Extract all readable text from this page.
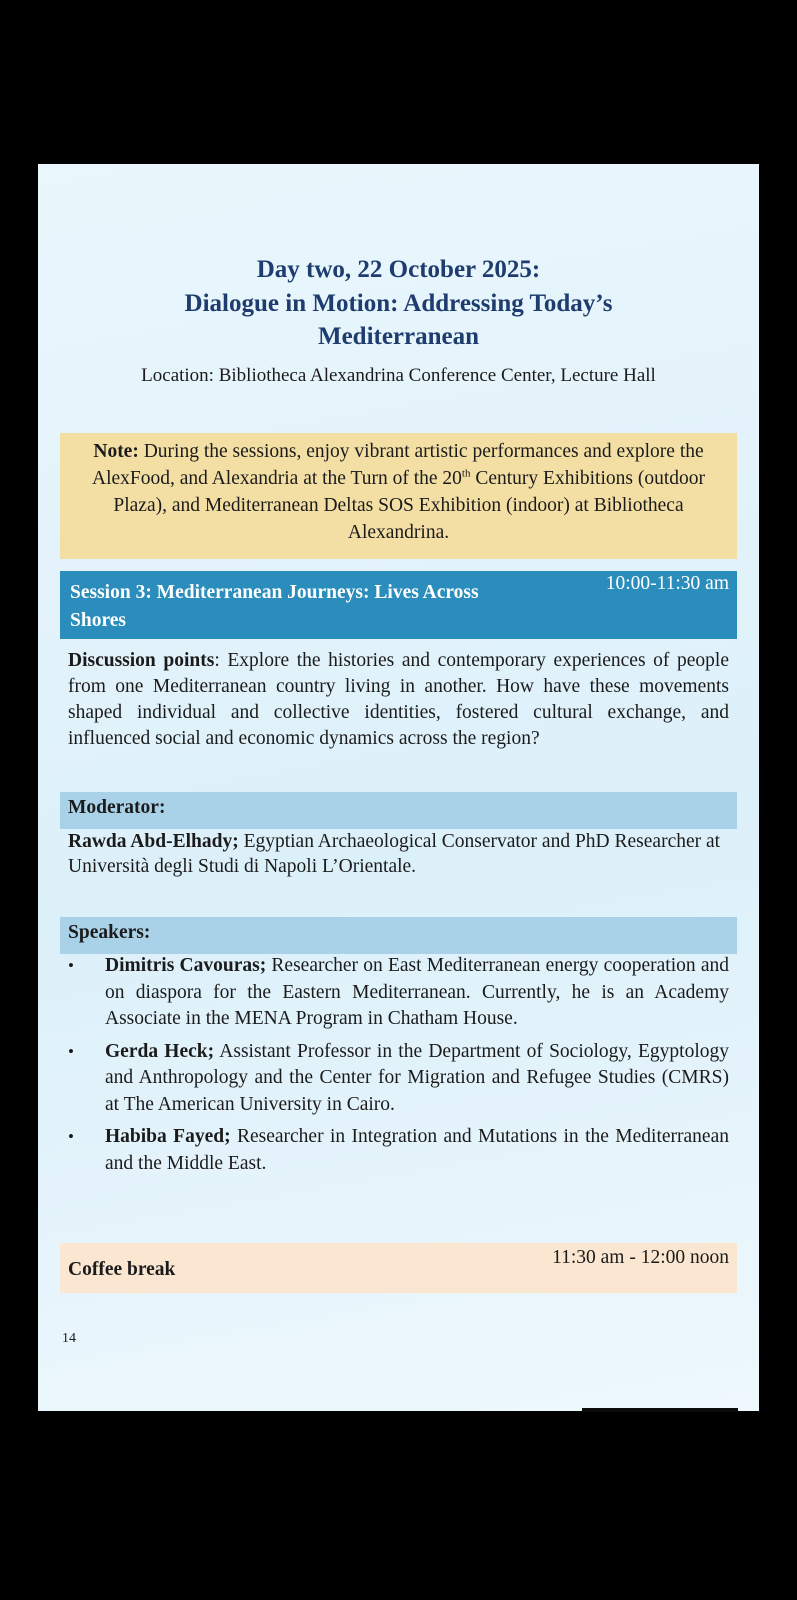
Day two, 22 October 2025:
Dialogue in Motion: Addressing Today’s
Mediterranean
Location: Bibliotheca Alexandrina Conference Center, Lecture Hall
Note: During the sessions, enjoy vibrant artistic performances and explore the AlexFood, and Alexandria at the Turn of the 20th Century Exhibitions (outdoor Plaza), and Mediterranean Deltas SOS Exhibition (indoor) at Bibliotheca Alexandrina.
Session 3: Mediterranean Journeys: Lives Across Shores
10:00-11:30 am
Discussion points: Explore the histories and contemporary experiences of people from one Mediterranean country living in another. How have these movements shaped individual and collective identities, fostered cultural exchange, and influenced social and economic dynamics across the region?
Moderator:
Rawda Abd-Elhady; Egyptian Archaeological Conservator and PhD Researcher at Università degli Studi di Napoli L’Orientale.
Speakers:
• Dimitris Cavouras; Researcher on East Mediterranean energy cooperation and on diaspora for the Eastern Mediterranean. Currently, he is an Academy Associate in the MENA Program in Chatham House.
• Gerda Heck; Assistant Professor in the Department of Sociology, Egyptology and Anthropology and the Center for Migration and Refugee Studies (CMRS) at The American University in Cairo.
• Habiba Fayed; Researcher in Integration and Mutations in the Mediterranean and the Middle East.
Coffee break
11:30 am - 12:00 noon
14
